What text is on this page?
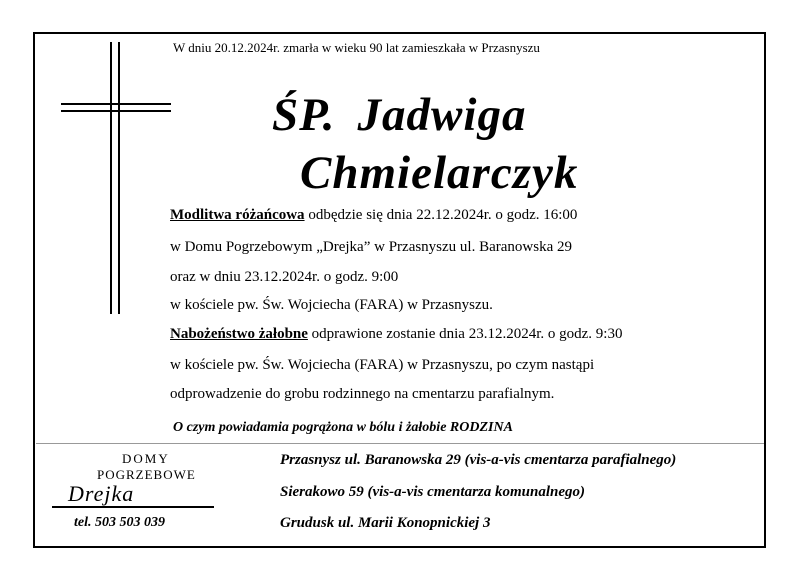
W dniu 20.12.2024r. zmarła w wieku 90 lat zamieszkała w Przasnyszu
ŚP. Jadwiga
Chmielarczyk
Modlitwa różańcowa odbędzie się dnia 22.12.2024r. o godz. 16:00
w Domu Pogrzebowym „Drejka” w Przasnyszu ul. Baranowska 29
oraz w dniu 23.12.2024r. o godz. 9:00
w kościele pw. Św. Wojciecha (FARA) w Przasnyszu.
Nabożeństwo żałobne odprawione zostanie dnia 23.12.2024r. o godz. 9:30
w kościele pw. Św. Wojciecha (FARA) w Przasnyszu, po czym nastąpi
odprowadzenie do grobu rodzinnego na cmentarzu parafialnym.
O czym powiadamia pogrążona w bólu i żałobie RODZINA
DOMY
POGRZEBOWE
Drejka
tel. 503 503 039
Przasnysz ul. Baranowska 29 (vis-a-vis cmentarza parafialnego)
Sierakowo 59 (vis-a-vis cmentarza komunalnego)
Grudusk ul. Marii Konopnickiej 3
